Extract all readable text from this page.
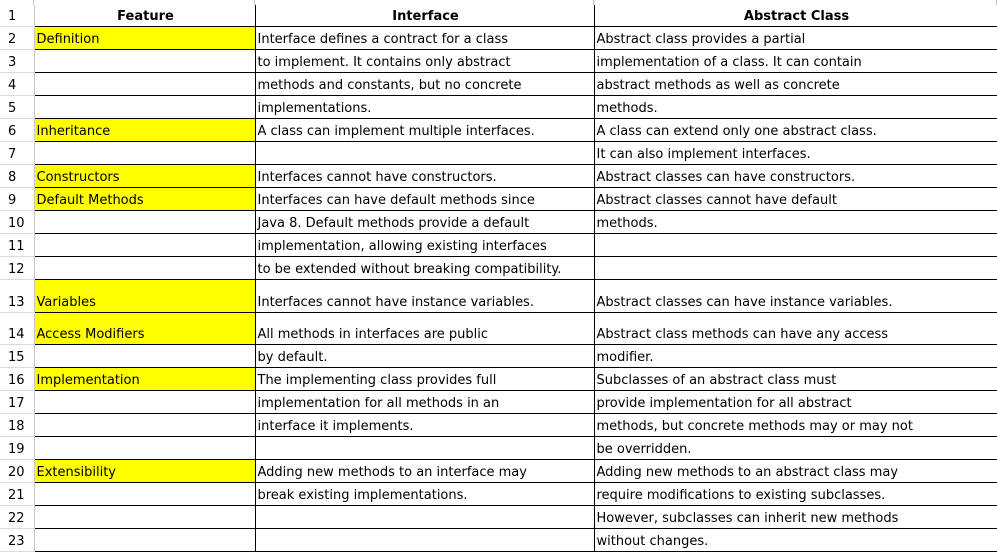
1	Feature	Interface	Abstract Class

2	Definition	Interface defines a contract for a class	Abstract class provides a partial

3		to implement. It contains only abstract	implementation of a class. It can contain

4		methods and constants, but no concrete	abstract methods as well as concrete

5		implementations.	methods.

6	Inheritance	A class can implement multiple interfaces.	A class can extend only one abstract class.

7			It can also implement interfaces.

8	Constructors	Interfaces cannot have constructors.	Abstract classes can have constructors.

9	Default Methods	Interfaces can have default methods since	Abstract classes cannot have default

10		Java 8. Default methods provide a default	methods.

11		implementation, allowing existing interfaces	

12		to be extended without breaking compatibility.	

13	Variables	Interfaces cannot have instance variables.	Abstract classes can have instance variables.

14	Access Modifiers	All methods in interfaces are public	Abstract class methods can have any access

15		by default.	modifier.

16	Implementation	The implementing class provides full	Subclasses of an abstract class must

17		implementation for all methods in an	provide implementation for all abstract

18		interface it implements.	methods, but concrete methods may or may not

19			be overridden.

20	Extensibility	Adding new methods to an interface may	Adding new methods to an abstract class may

21		break existing implementations.	require modifications to existing subclasses.

22			However, subclasses can inherit new methods

23			without changes.
